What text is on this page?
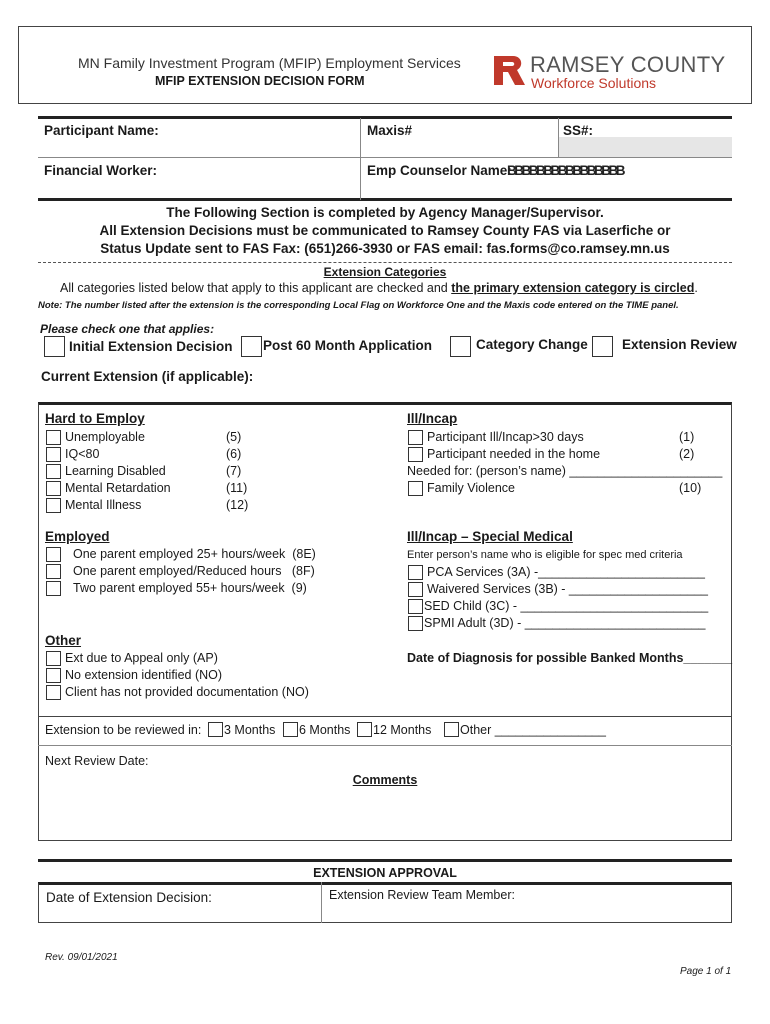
MN Family Investment Program (MFIP) Employment Services
MFIP EXTENSION DECISION FORM
RAMSEY COUNTY
Workforce Solutions
Participant Name:	Maxis#	SS#:
Financial Worker:	Emp Counselor Name:
BBBBBBBBBBBBBBBB
The Following Section is completed by Agency Manager/Supervisor.
All Extension Decisions must be communicated to Ramsey County FAS via Laserfiche or
Status Update sent to FAS Fax: (651)266-3930 or FAS email: fas.forms@co.ramsey.mn.us
Extension Categories
All categories listed below that apply to this applicant are checked and the primary extension category is circled.
Note: The number listed after the extension is the corresponding Local Flag on Workforce One and the Maxis code entered on the TIME panel.
Please check one that applies:
Initial Extension Decision Post 60 Month Application	Category Change	Extension Review
Current Extension (if applicable):
Hard to Employ
Unemployable	(5)
IQ<80	(6)
Learning Disabled	(7)
Mental Retardation	(11)
Mental Illness	(12)
Ill/Incap
Participant Ill/Incap>30 days	(1)
Participant needed in the home	(2)
Needed for: (person’s name) ______________________
Family Violence	(10)
Employed
One parent employed 25+ hours/week  (8E)
One parent employed/Reduced hours   (8F)
Two parent employed 55+ hours/week  (9)
Ill/Incap – Special Medical
Enter person’s name who is eligible for spec med criteria
PCA Services (3A) -________________________
Waivered Services (3B) - ____________________
SED Child (3C) - ___________________________
SPMI Adult (3D) - __________________________
Date of Diagnosis for possible Banked Months_______
Other
Ext due to Appeal only (AP)
No extension identified (NO)
Client has not provided documentation (NO)
Extension to be reviewed in: 3 Months 6 Months 12 Months Other ________________
Next Review Date:
Comments
EXTENSION APPROVAL
Date of Extension Decision:	Extension Review Team Member:
Rev. 09/01/2021
Page 1 of 1
